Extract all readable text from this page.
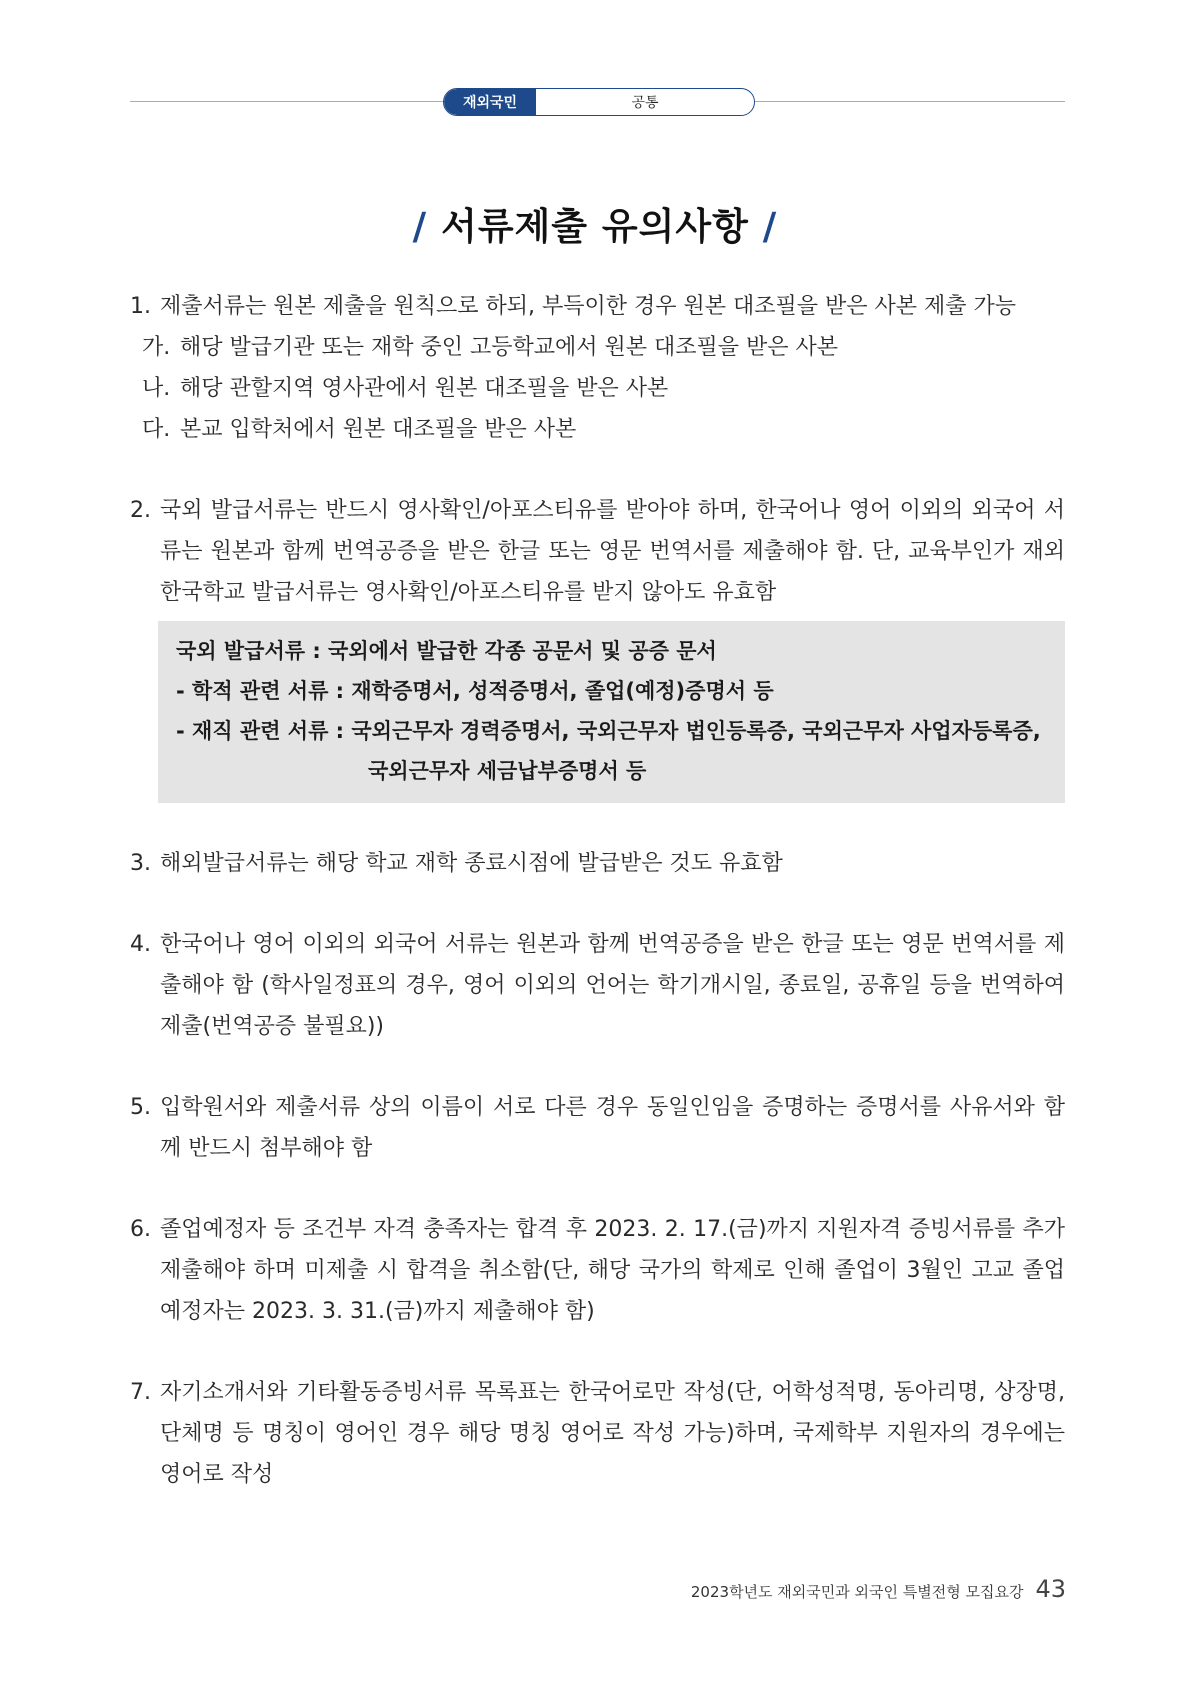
재외국민	공통
/ 서류제출 유의사항 /
1. 제출서류는 원본 제출을 원칙으로 하되, 부득이한 경우 원본 대조필을 받은 사본 제출 가능
가. 해당 발급기관 또는 재학 중인 고등학교에서 원본 대조필을 받은 사본
나. 해당 관할지역 영사관에서 원본 대조필을 받은 사본
다. 본교 입학처에서 원본 대조필을 받은 사본
2. 국외 발급서류는 반드시 영사확인/아포스티유를 받아야 하며, 한국어나 영어 이외의 외국어 서류는 원본과 함께 번역공증을 받은 한글 또는 영문 번역서를 제출해야 함. 단, 교육부인가 재외한국학교 발급서류는 영사확인/아포스티유를 받지 않아도 유효함
국외 발급서류 : 국외에서 발급한 각종 공문서 및 공증 문서
- 학적 관련 서류 : 재학증명서, 성적증명서, 졸업(예정)증명서 등
- 재직 관련 서류 : 국외근무자 경력증명서, 국외근무자 법인등록증, 국외근무자 사업자등록증,
국외근무자 세금납부증명서 등
3. 해외발급서류는 해당 학교 재학 종료시점에 발급받은 것도 유효함
4. 한국어나 영어 이외의 외국어 서류는 원본과 함께 번역공증을 받은 한글 또는 영문 번역서를 제출해야 함 (학사일정표의 경우, 영어 이외의 언어는 학기개시일, 종료일, 공휴일 등을 번역하여 제출(번역공증 불필요))
5. 입학원서와 제출서류 상의 이름이 서로 다른 경우 동일인임을 증명하는 증명서를 사유서와 함께 반드시 첨부해야 함
6. 졸업예정자 등 조건부 자격 충족자는 합격 후 2023. 2. 17.(금)까지 지원자격 증빙서류를 추가 제출해야 하며 미제출 시 합격을 취소함(단, 해당 국가의 학제로 인해 졸업이 3월인 고교 졸업예정자는 2023. 3. 31.(금)까지 제출해야 함)
7. 자기소개서와 기타활동증빙서류 목록표는 한국어로만 작성(단, 어학성적명, 동아리명, 상장명, 단체명 등 명칭이 영어인 경우 해당 명칭 영어로 작성 가능)하며, 국제학부 지원자의 경우에는 영어로 작성
2023학년도 재외국민과 외국인 특별전형 모집요강 43
